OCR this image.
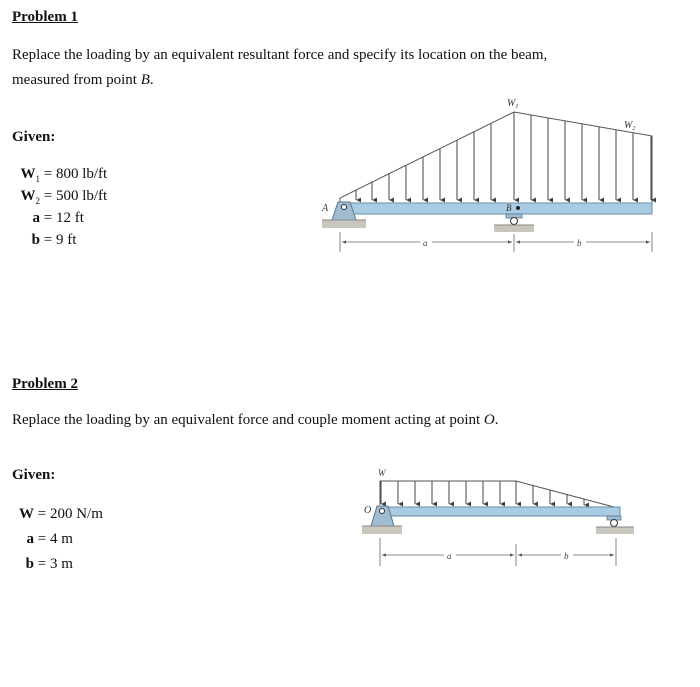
Problem 1
Replace the loading by an equivalent resultant force and specify its location on the beam,
measured from point B.
Given:
$W_1 = 800$ lb/ft
$W_2 = 500$ lb/ft
a = 12 ft
b = 9 ft
A	B
$W_1$
$W_2$
a	b
Problem 2
Replace the loading by an equivalent force and couple moment acting at point O.
Given:
W = 200 N/m
a = 4 m
b = 3 m
W
O
a	b
